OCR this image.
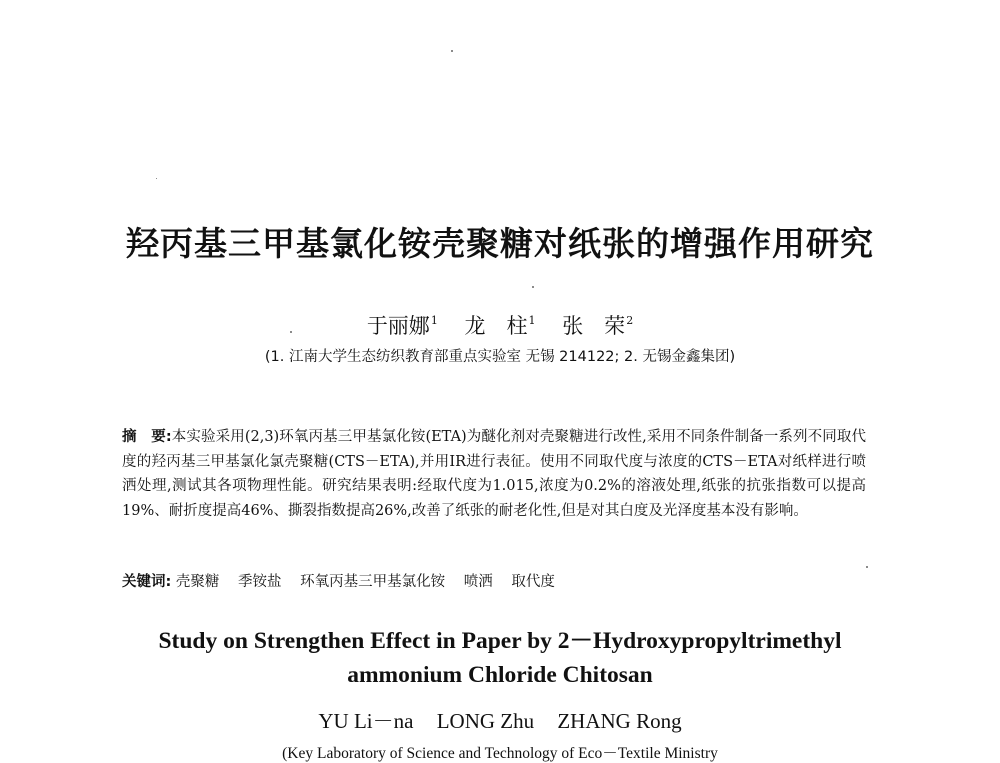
羟丙基三甲基氯化铵壳聚糖对纸张的增强作用研究
于丽娜$^1$ 龙　柱$^1$ 张　荣$^2$
(1. 江南大学生态纺织教育部重点实验室 无锡 214122; 2. 无锡金鑫集团)
摘　要:本实验采用(2,3)环氧丙基三甲基氯化铵(ETA)为醚化剂对壳聚糖进行改性,采用不同条件制备一系列不同取代度的羟丙基三甲基氯化氯壳聚糖(CTS－ETA),并用IR进行表征。使用不同取代度与浓度的CTS－ETA对纸样进行喷洒处理,测试其各项物理性能。研究结果表明:经取代度为1.015,浓度为0.2%的溶液处理,纸张的抗张指数可以提高19%、耐折度提高46%、撕裂指数提高26%,改善了纸张的耐老化性,但是对其白度及光泽度基本没有影响。
关键词: 壳聚糖 季铵盐 环氧丙基三甲基氯化铵 喷洒 取代度
Study on Strengthen Effect in Paper by 2－Hydroxypropyltrimethyl
ammonium Chloride Chitosan
YU Li－na LONG Zhu ZHANG Rong
(Key Laboratory of Science and Technology of Eco－Textile Ministry
